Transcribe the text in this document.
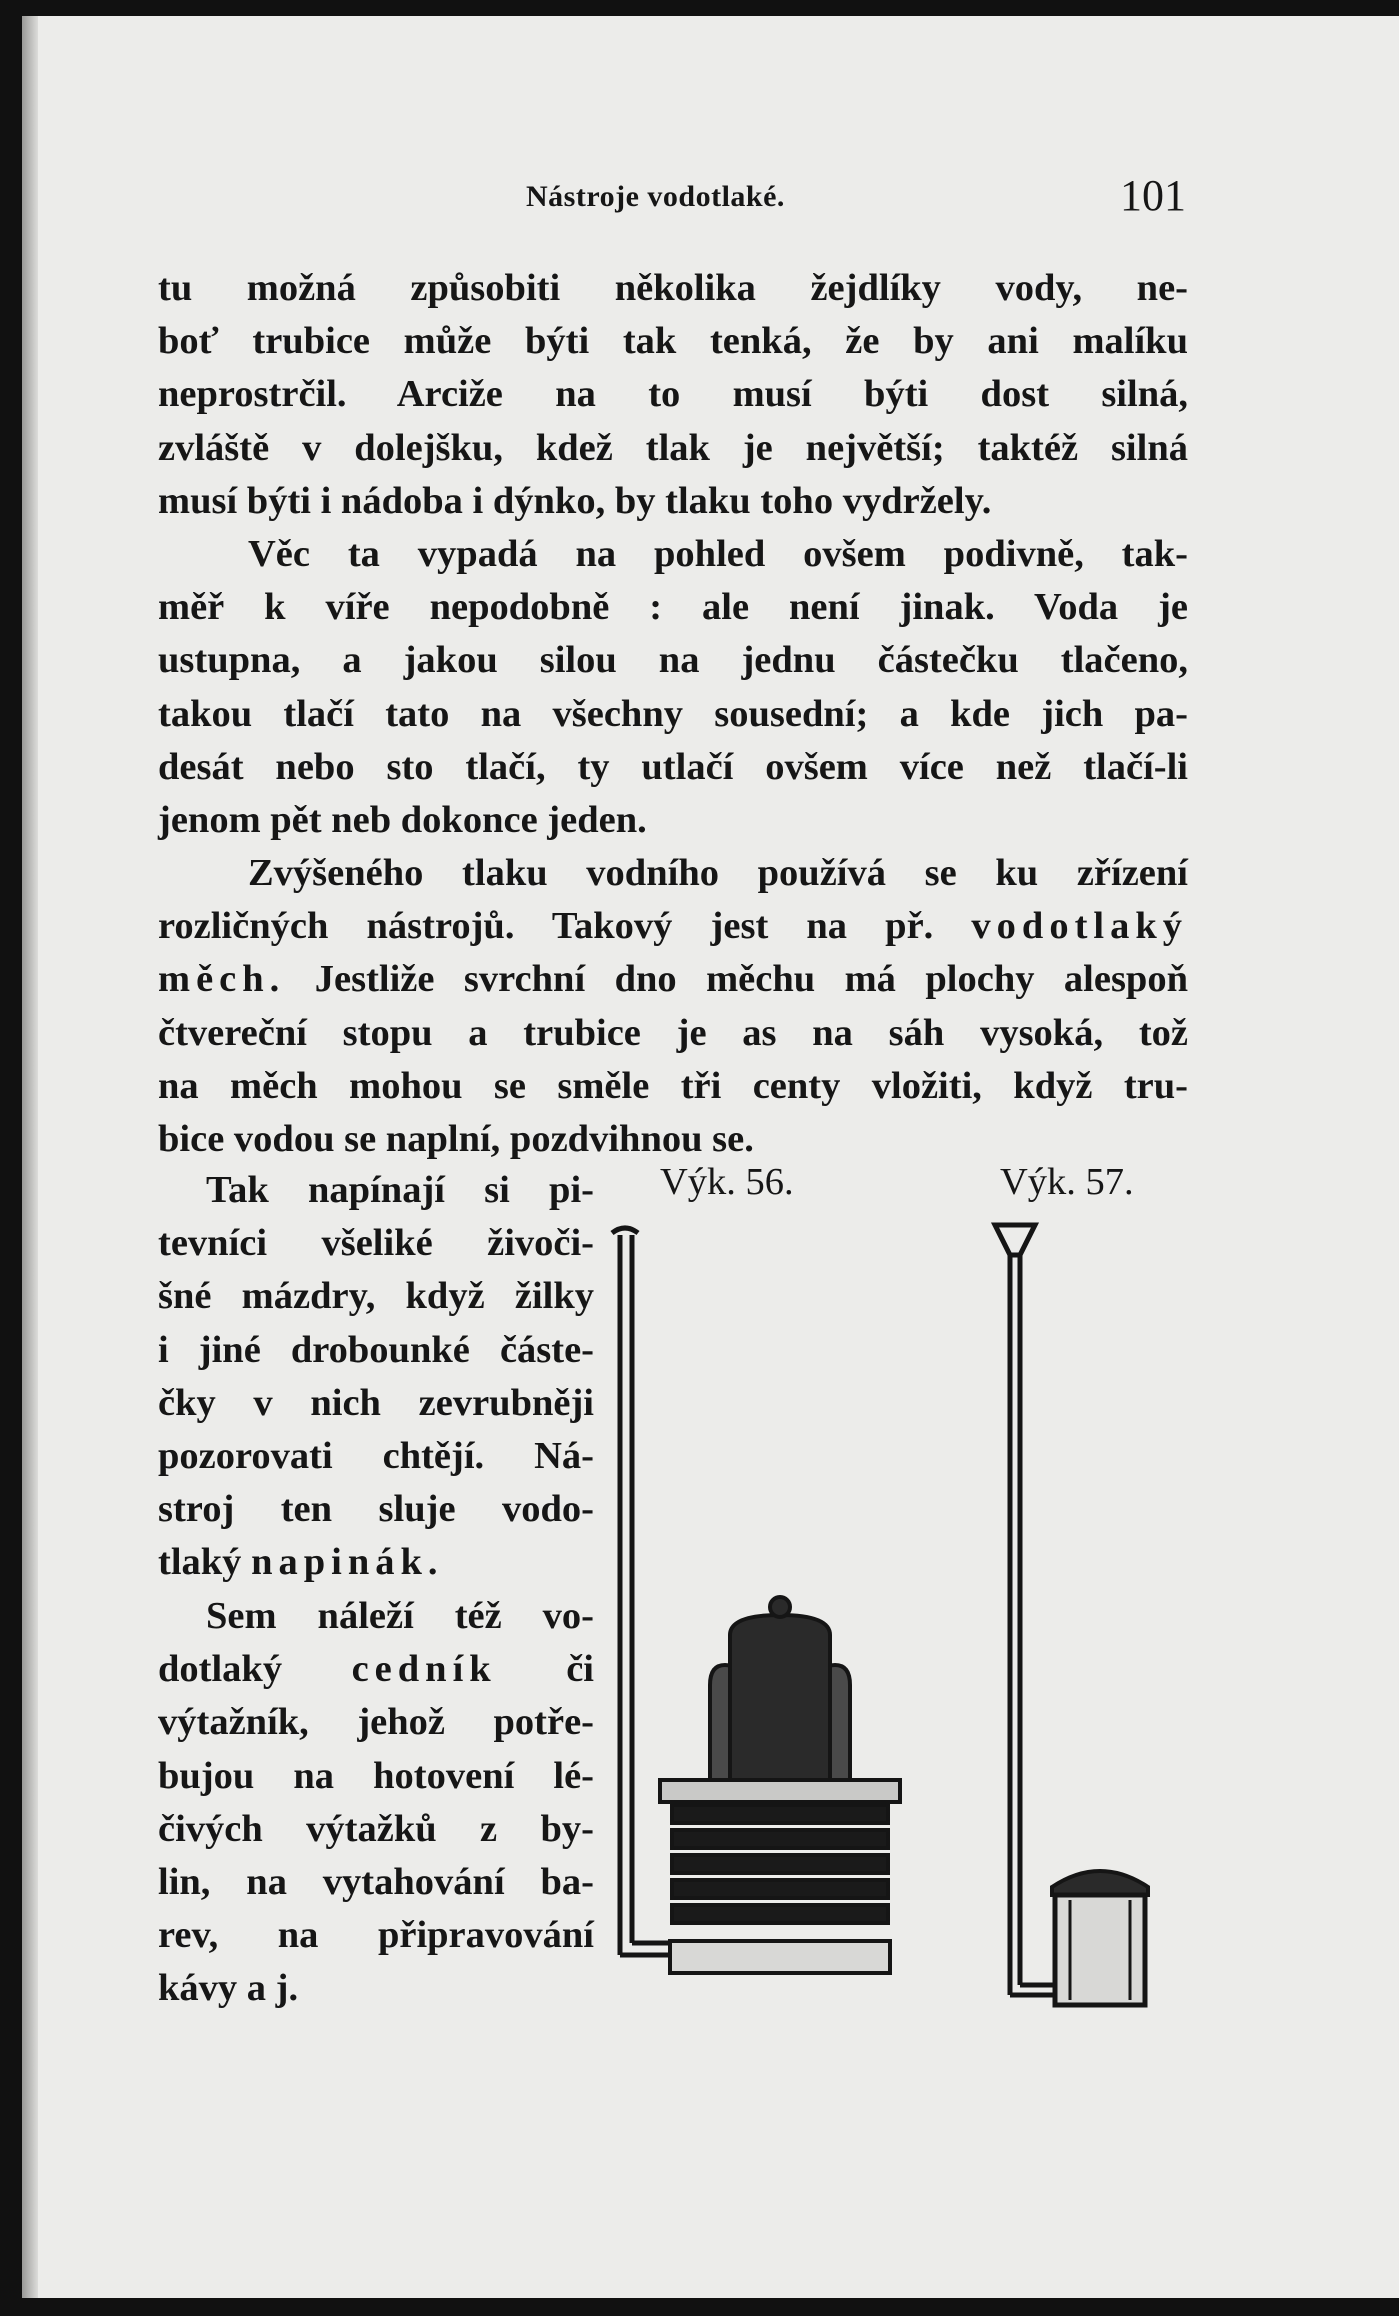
Nástroje vodotlaké.	101
tu možná způsobiti několika žejdlíky vody, ne-
boť trubice může býti tak tenká, že by ani malíku
neprostrčil. Arciže na to musí býti dost silná,
zvláště v dolejšku, kdež tlak je největší; taktéž silná
musí býti i nádoba i dýnko, by tlaku toho vydržely.
Věc ta vypadá na pohled ovšem podivně, tak-
měř k víře nepodobně : ale není jinak. Voda je
ustupna, a jakou silou na jednu částečku tlačeno,
takou tlačí tato na všechny sousední; a kde jich pa-
desát nebo sto tlačí, ty utlačí ovšem více než tlačí-li
jenom pět neb dokonce jeden.
Zvýšeného tlaku vodního používá se ku zřízení
rozličných nástrojů. Takový jest na př. vodotlaký
měch. Jestliže svrchní dno měchu má plochy alespoň
čtvereční stopu a trubice je as na sáh vysoká, tož
na měch mohou se směle tři centy vložiti, když tru-
bice vodou se naplní, pozdvihnou se.
Výk. 56.	Výk. 57.
Tak napínají si pi-
tevníci všeliké živoči-
šné mázdry, když žilky
i jiné drobounké částe-
čky v nich zevrubněji
pozorovati chtějí. Ná-
stroj ten sluje vodo-
tlaký napinák.
Sem náleží též vo-
dotlaký cedník či
výtažník, jehož potře-
bujou na hotovení lé-
čivých výtažků z by-
lin, na vytahování ba-
rev, na připravování
kávy a j.
